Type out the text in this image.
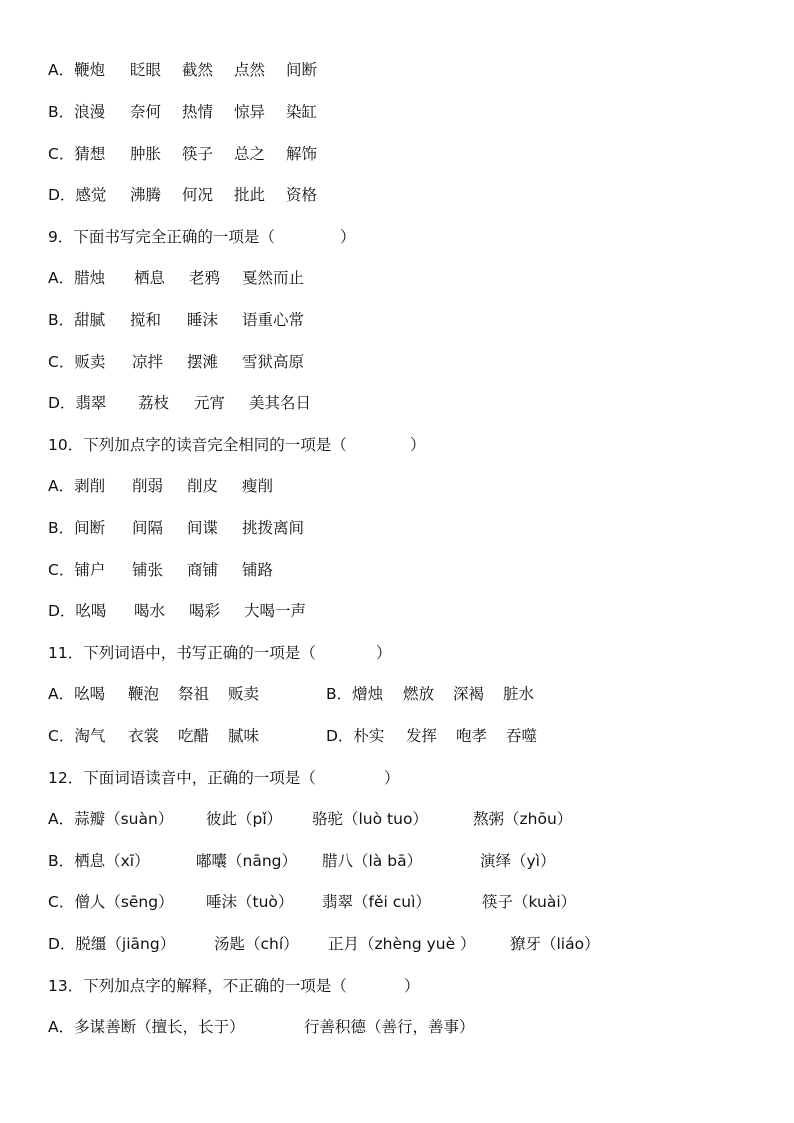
A．鞭炮 眨眼 截然 点然 间断
B．浪漫 奈何 热情 惊异 染缸
C．猜想 肿胀 筷子 总之 解饰
D．感觉 沸腾 何况 批此 资格
9．下面书写完全正确的一项是（	）
A．腊烛 栖息 老鸦 戛然而止
B．甜腻 搅和 睡沫 语重心常
C．贩卖 凉拌 摆滩 雪狱高原
D．翡翠 荔枝 元宵 美其名日
10．下列加点字的读音完全相同的一项是（	）
A．剥削 削弱 削皮 瘦削
B．间断 间隔 间谍 挑拨离间
C．铺户 铺张 商铺 铺路
D．吆喝 喝水 喝彩 大喝一声
11．下列词语中，书写正确的一项是（	）
A．吆喝 鞭泡 祭祖 贩卖	B．熷烛 燃放 深褐 脏水
C．淘气 衣裳 吃醋 腻味	D．朴实 发挥 咆孝 吞噬
12．下面词语读音中，正确的一项是（	）
A．蒜瓣（suàn） 彼此（pǐ） 骆驼（luò tuo）	熬粥（zhōu）
B．栖息（xī）	嘟囔（nāng） 腊八（là bā）	演绎（yì）
C．僧人（sēng） 唾沫（tuò） 翡翠（fěi cuì）	筷子（kuài）
D．脱缰（jiāng）	汤匙（chí） 正月（zhèng yuè ） 獠牙（liáo）
13．下列加点字的解释，不正确的一项是（	）
A．多谋善断（擅长，长于）	行善积德（善行，善事）
